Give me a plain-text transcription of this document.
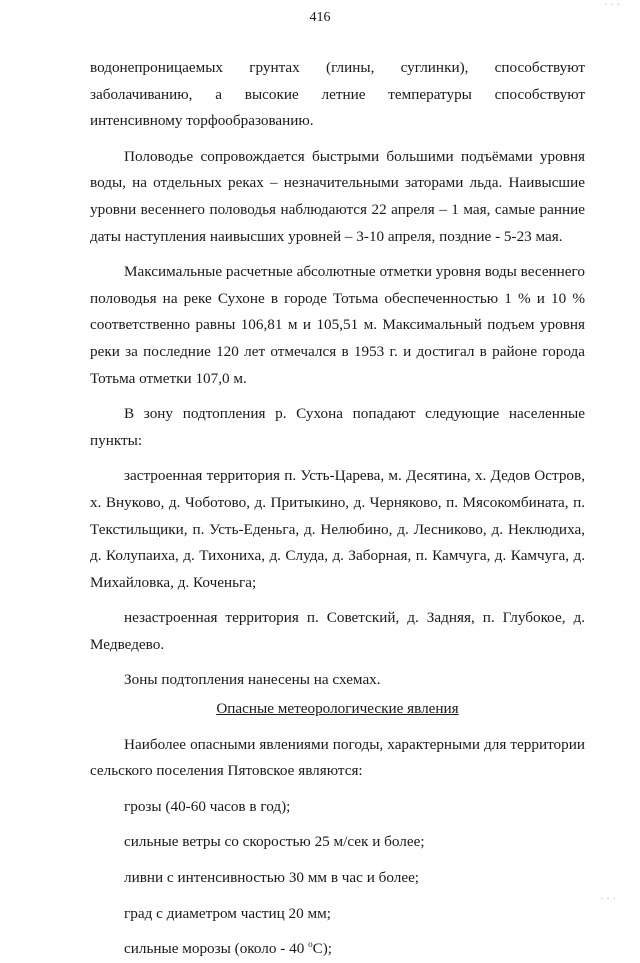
416
· · ·

водонепроницаемых грунтах (глины, суглинки), способствуют

заболачиванию, а высокие летние температуры способствуют интенсивному торфообразованию.

Половодье сопровождается быстрыми большими подъёмами уровня воды, на отдельных реках – незначительными заторами льда. Наивысшие уровни весеннего половодья наблюдаются 22 апреля – 1 мая, самые ранние даты наступления наивысших уровней – 3-10 апреля, поздние - 5-23 мая.

Максимальные расчетные абсолютные отметки уровня воды весеннего половодья на реке Сухоне в городе Тотьма обеспеченностью 1 % и 10 % соответственно равны 106,81 м и 105,51 м. Максимальный подъем уровня реки за последние 120 лет отмечался в 1953 г. и достигал в районе города Тотьма отметки 107,0 м.

В зону подтопления р. Сухона попадают следующие населенные пункты:

застроенная территория п. Усть-Царева, м. Десятина, х. Дедов Остров, х. Внуково, д. Чоботово, д. Притыкино, д. Черняково, п. Мясокомбината, п. Текстильщики, п. Усть-Еденьга, д. Нелюбино, д. Лесниково, д. Неклюдиха, д. Колупаиха, д. Тихониха, д. Слуда, д. Заборная, п. Камчуга, д. Камчуга, д. Михайловка, д. Коченьга;

незастроенная территория п. Советский, д. Задняя, п. Глубокое, д. Медведево.

Зоны подтопления нанесены на схемах.

Опасные метеорологические явления

Наиболее опасными явлениями погоды, характерными для территории сельского поселения Пятовское являются:

грозы (40-60 часов в год);

сильные ветры со скоростью 25 м/сек и более;

ливни с интенсивностью 30 мм в час и более;

град с диаметром частиц 20 мм;

сильные морозы (около - 40 $^о$С);

· · ·
